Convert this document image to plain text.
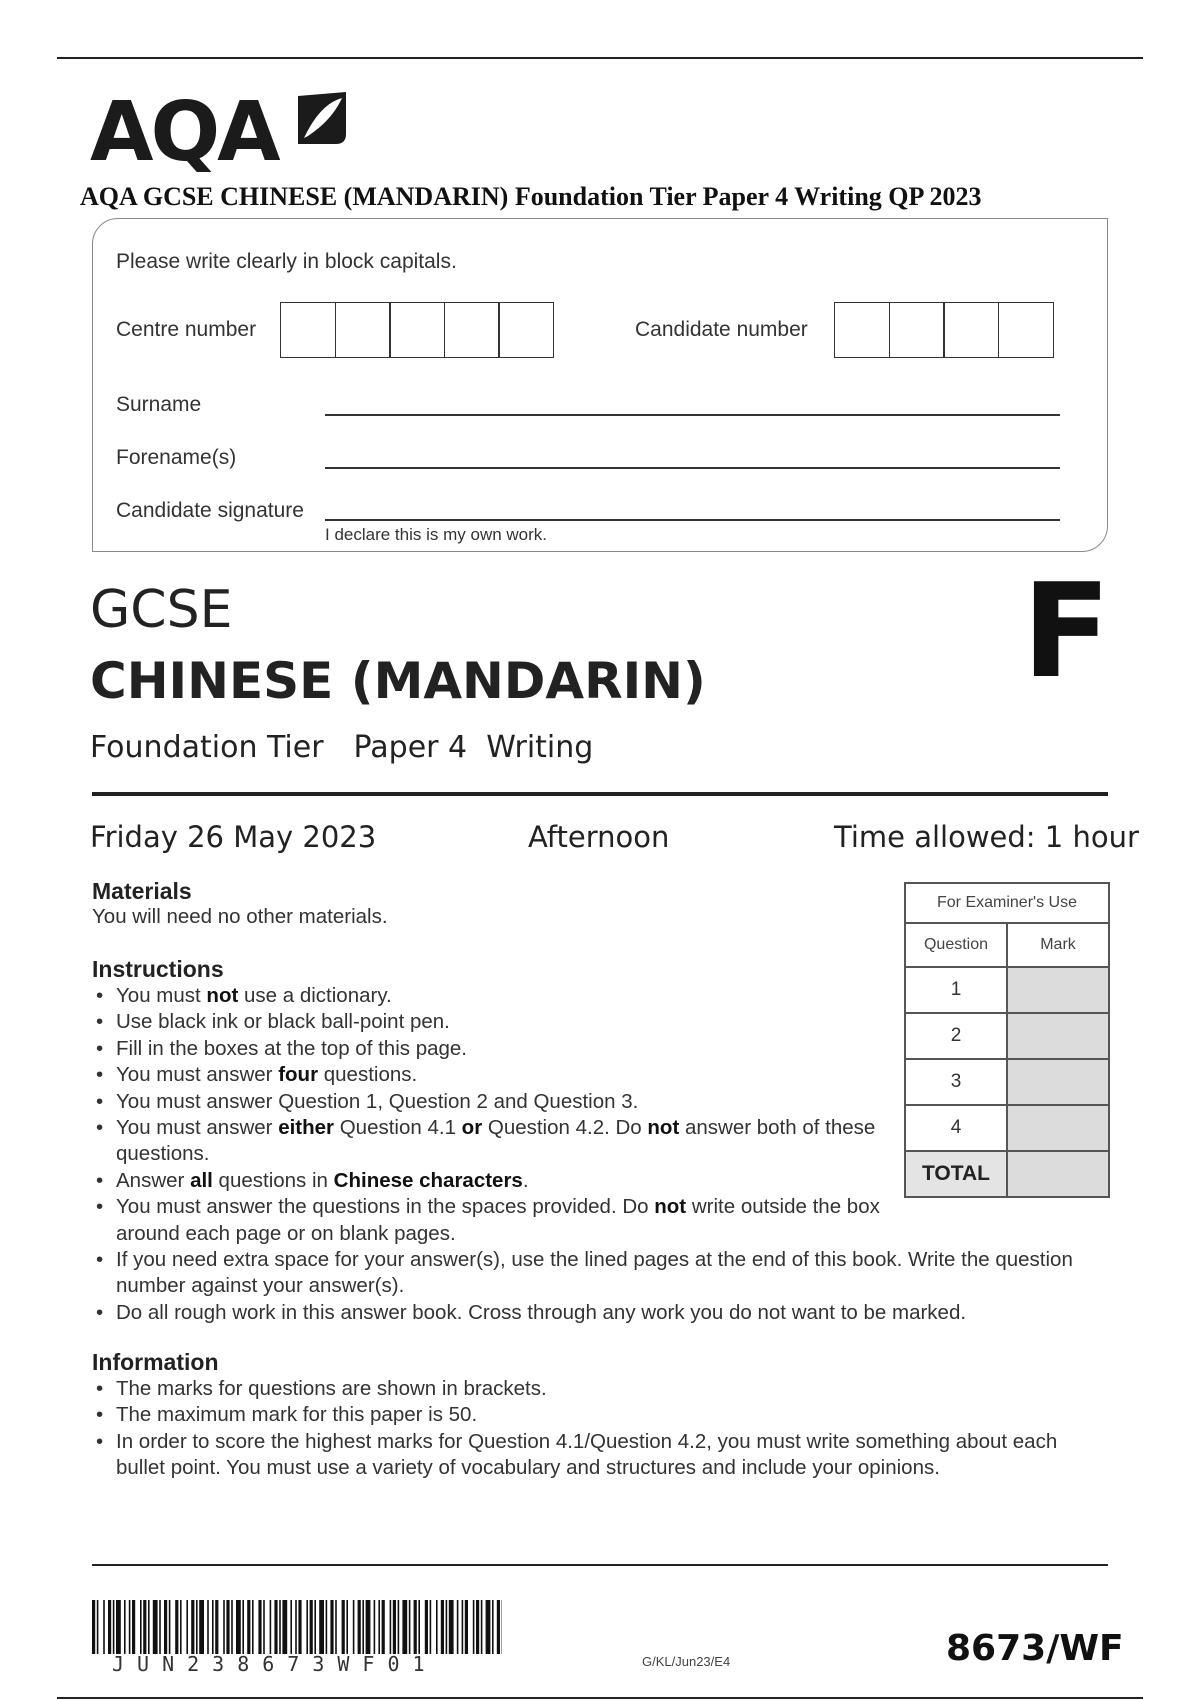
AQA
AQA GCSE CHINESE (MANDARIN) Foundation Tier Paper 4 Writing QP 2023
Please write clearly in block capitals.
Centre number	Candidate number
Surname
Forename(s)
Candidate signature
I declare this is my own work.
GCSE
CHINESE (MANDARIN)
Foundation Tier Paper 4  Writing
F
Friday 26 May 2023	Afternoon	Time allowed: 1 hour
Materials
You will need no other materials.
Instructions
• You must not use a dictionary.
• Use black ink or black ball-point pen.
• Fill in the boxes at the top of this page.
• You must answer four questions.
• You must answer Question 1, Question 2 and Question 3.
• You must answer either Question 4.1 or Question 4.2. Do not answer both of these questions.
• Answer all questions in Chinese characters.
• You must answer the questions in the spaces provided. Do not write outside the box around each page or on blank pages.
• If you need extra space for your answer(s), use the lined pages at the end of this book. Write the question number against your answer(s).
• Do all rough work in this answer book. Cross through any work you do not want to be marked.
Information
• The marks for questions are shown in brackets.
• The maximum mark for this paper is 50.
• In order to score the highest marks for Question 4.1/Question 4.2, you must write something about each bullet point. You must use a variety of vocabulary and structures and include your opinions.
For Examiner's Use	
Question	Mark
1	
2	
3	
4	
TOTAL	
JUN238673WF01	G/KL/Jun23/E4	8673/WF
